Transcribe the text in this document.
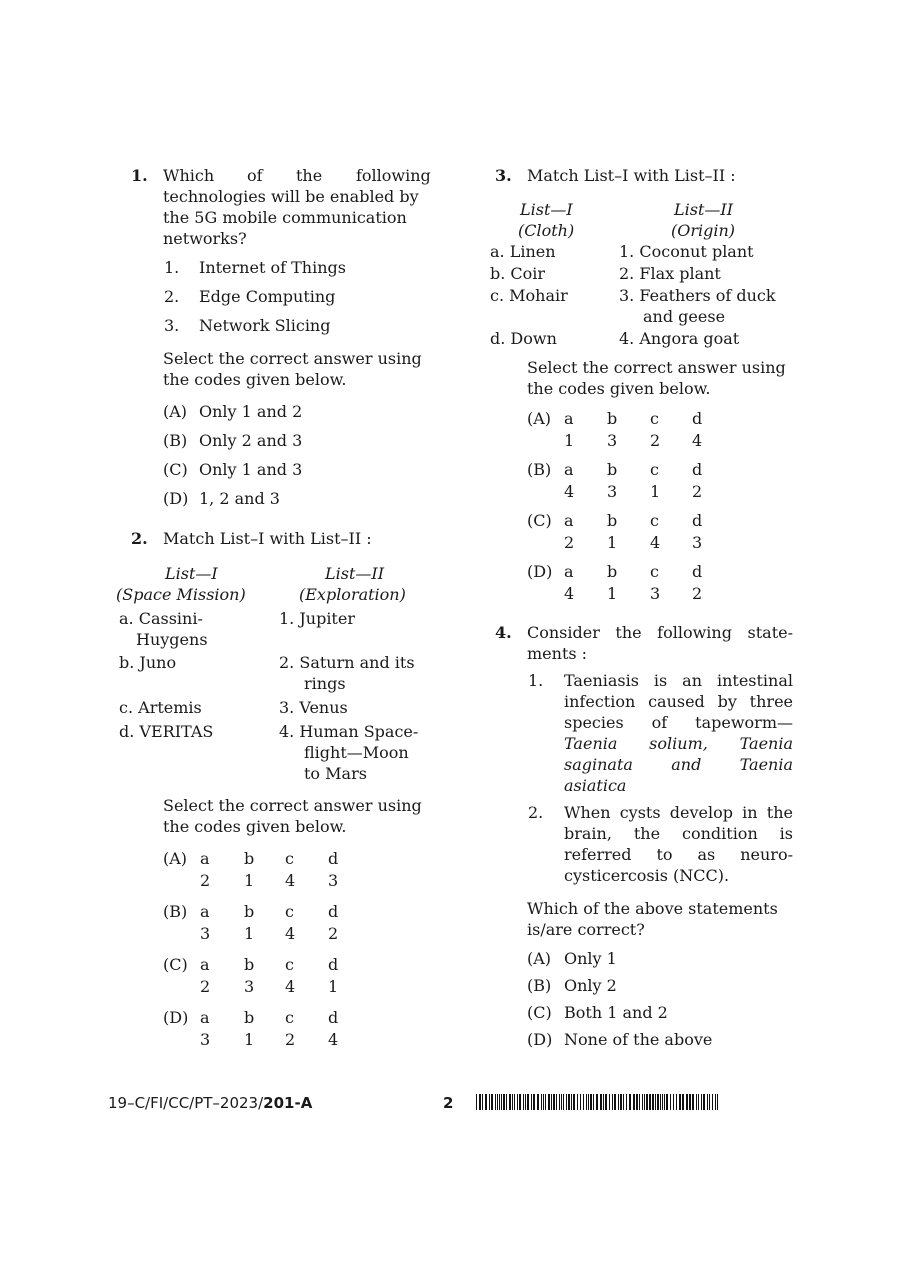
1. Which of the following
technologies will be enabled by
the 5G mobile communication
networks?
1. Internet of Things
2. Edge Computing
3. Network Slicing
Select the correct answer using
the codes given below.
(A) Only 1 and 2
(B) Only 2 and 3
(C) Only 1 and 3
(D) 1, 2 and 3
2. Match List–I with List–II :
List—I
(Space Mission)
List—II
(Exploration)
a. Cassini-
Huygens
b. Juno
c. Artemis
d. VERITAS
1. Jupiter
2. Saturn and its
rings
3. Venus
4. Human Space-
flight—Moon
to Mars
Select the correct answer using
the codes given below.
(A) a b c d
2 1 4 3
(B) a b c d
3 1 4 2
(C) a b c d
2 3 4 1
(D) a b c d
3 1 2 4
3. Match List–I with List–II :
List—I
(Cloth)
List—II
(Origin)
a. Linen
b. Coir
c. Mohair
d. Down
1. Coconut plant
2. Flax plant
3. Feathers of duck
and geese
4. Angora goat
Select the correct answer using
the codes given below.
(A) a b c d
1 3 2 4
(B) a b c d
4 3 1 2
(C) a b c d
2 1 4 3
(D) a b c d
4 1 3 2
4. Consider the following state-
ments :
1. Taeniasis is an intestinal
infection caused by three
species of tapeworm—
Taenia solium, Taenia
saginata and Taenia
asiatica
2. When cysts develop in the
brain, the condition is
referred to as neuro-
cysticercosis (NCC).
Which of the above statements
is/are correct?
(A) Only 1
(B) Only 2
(C) Both 1 and 2
(D) None of the above
19–C/FI/CC/PT–2023/201-A	2
